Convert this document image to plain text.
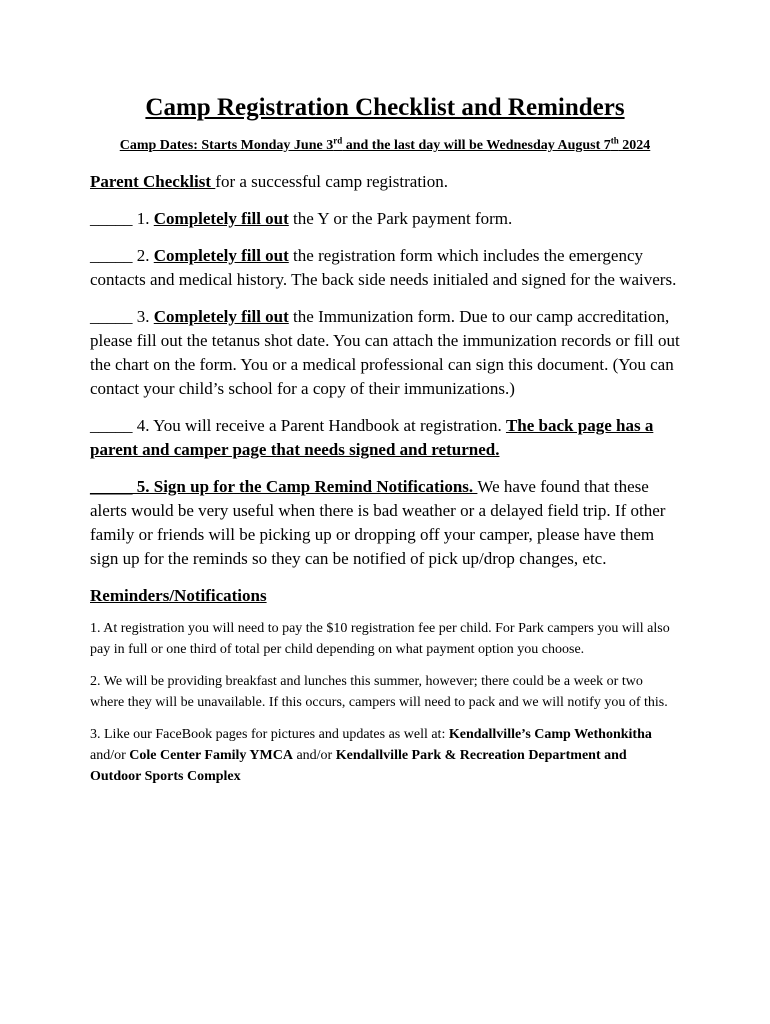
Camp Registration Checklist and Reminders
Camp Dates: Starts Monday June 3rd and the last day will be Wednesday August 7th 2024
Parent Checklist for a successful camp registration.
_____ 1. Completely fill out the Y or the Park payment form.
_____ 2. Completely fill out the registration form which includes the emergency contacts and medical history. The back side needs initialed and signed for the waivers.
_____ 3. Completely fill out the Immunization form. Due to our camp accreditation, please fill out the tetanus shot date. You can attach the immunization records or fill out the chart on the form. You or a medical professional can sign this document. (You can contact your child’s school for a copy of their immunizations.)
_____ 4. You will receive a Parent Handbook at registration. The back page has a parent and camper page that needs signed and returned.
_____ 5. Sign up for the Camp Remind Notifications. We have found that these alerts would be very useful when there is bad weather or a delayed field trip. If other family or friends will be picking up or dropping off your camper, please have them sign up for the reminds so they can be notified of pick up/drop changes, etc.
Reminders/Notifications
1. At registration you will need to pay the $10 registration fee per child. For Park campers you will also pay in full or one third of total per child depending on what payment option you choose.
2. We will be providing breakfast and lunches this summer, however; there could be a week or two where they will be unavailable. If this occurs, campers will need to pack and we will notify you of this.
3. Like our FaceBook pages for pictures and updates as well at: Kendallville’s Camp Wethonkitha and/or Cole Center Family YMCA and/or Kendallville Park & Recreation Department and Outdoor Sports Complex
